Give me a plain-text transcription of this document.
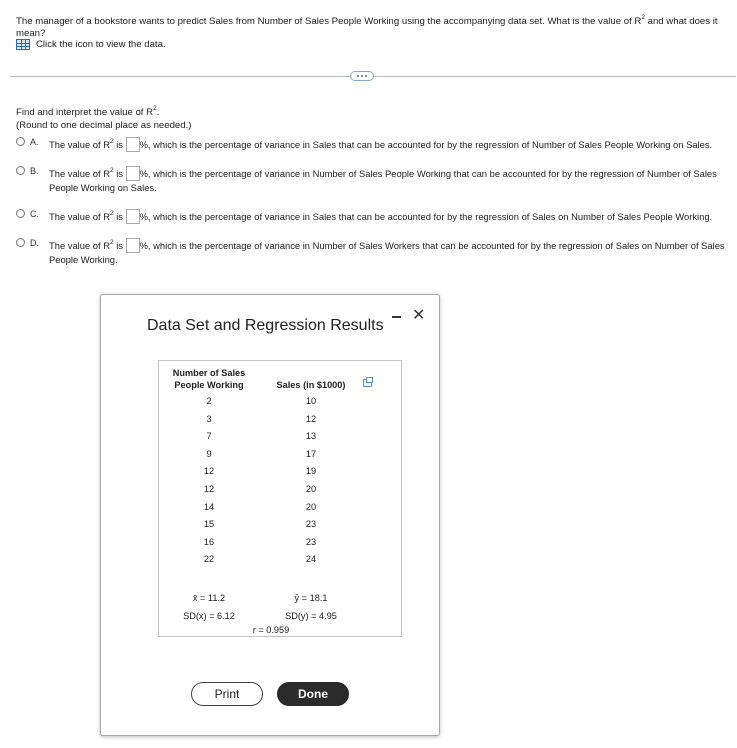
The manager of a bookstore wants to predict Sales from Number of Sales People Working using the accompanying data set. What is the value of $R^2$ and what does it mean?
Click the icon to view the data.
Find and interpret the value of $R^2$.
(Round to one decimal place as needed.)
A. The value of $R^2$ is %, which is the percentage of variance in Sales that can be accounted for by the regression of Number of Sales People Working on Sales.
B. The value of $R^2$ is %, which is the percentage of variance in Number of Sales People Working that can be accounted for by the regression of Number of Sales People Working on Sales.
C. The value of $R^2$ is %, which is the percentage of variance in Sales that can be accounted for by the regression of Sales on Number of Sales People Working.
D. The value of $R^2$ is %, which is the percentage of variance in Number of Sales Workers that can be accounted for by the regression of Sales on Number of Sales People Working.
Data Set and Regression Results
✕
Number of Sales People Working	Sales (in $1000)
2
3
7
9
12
12
14
15
16
22
10
12
13
17
19
20
20
23
23
24
x̄ = 11.2
SD(x) = 6.12
ȳ = 18.1
SD(y) = 4.95
r = 0.959
Print	Done
